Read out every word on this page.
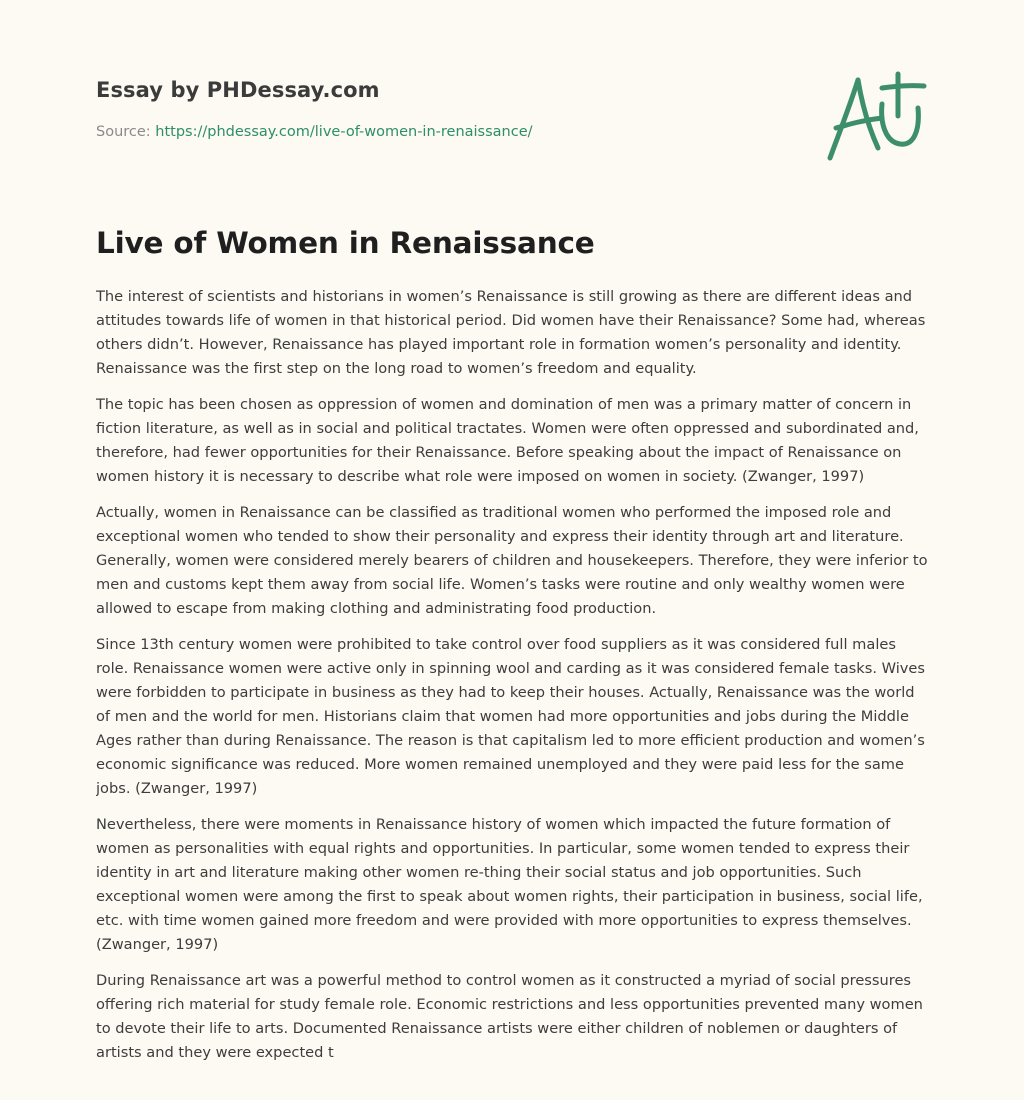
Essay by PHDessay.com
Source: https://phdessay.com/live-of-women-in-renaissance/
Live of Women in Renaissance

The interest of scientists and historians in women’s Renaissance is still growing as there are different ideas and attitudes towards life of women in that historical period. Did women have their Renaissance? Some had, whereas others didn’t. However, Renaissance has played important role in formation women’s personality and identity. Renaissance was the first step on the long road to women’s freedom and equality.

The topic has been chosen as oppression of women and domination of men was a primary matter of concern in fiction literature, as well as in social and political tractates. Women were often oppressed and subordinated and, therefore, had fewer opportunities for their Renaissance. Before speaking about the impact of Renaissance on women history it is necessary to describe what role were imposed on women in society. (Zwanger, 1997)

Actually, women in Renaissance can be classified as traditional women who performed the imposed role and exceptional women who tended to show their personality and express their identity through art and literature. Generally, women were considered merely bearers of children and housekeepers. Therefore, they were inferior to men and customs kept them away from social life. Women’s tasks were routine and only wealthy women were allowed to escape from making clothing and administrating food production.

Since 13th century women were prohibited to take control over food suppliers as it was considered full males role. Renaissance women were active only in spinning wool and carding as it was considered female tasks. Wives were forbidden to participate in business as they had to keep their houses. Actually, Renaissance was the world of men and the world for men. Historians claim that women had more opportunities and jobs during the Middle Ages rather than during Renaissance. The reason is that capitalism led to more efficient production and women’s economic significance was reduced. More women remained unemployed and they were paid less for the same jobs. (Zwanger, 1997)

Nevertheless, there were moments in Renaissance history of women which impacted the future formation of women as personalities with equal rights and opportunities. In particular, some women tended to express their identity in art and literature making other women re-thing their social status and job opportunities. Such exceptional women were among the first to speak about women rights, their participation in business, social life, etc. with time women gained more freedom and were provided with more opportunities to express themselves. (Zwanger, 1997)

During Renaissance art was a powerful method to control women as it constructed a myriad of social pressures offering rich material for study female role. Economic restrictions and less opportunities prevented many women to devote their life to arts. Documented Renaissance artists were either children of noblemen or daughters of artists and they were expected t
